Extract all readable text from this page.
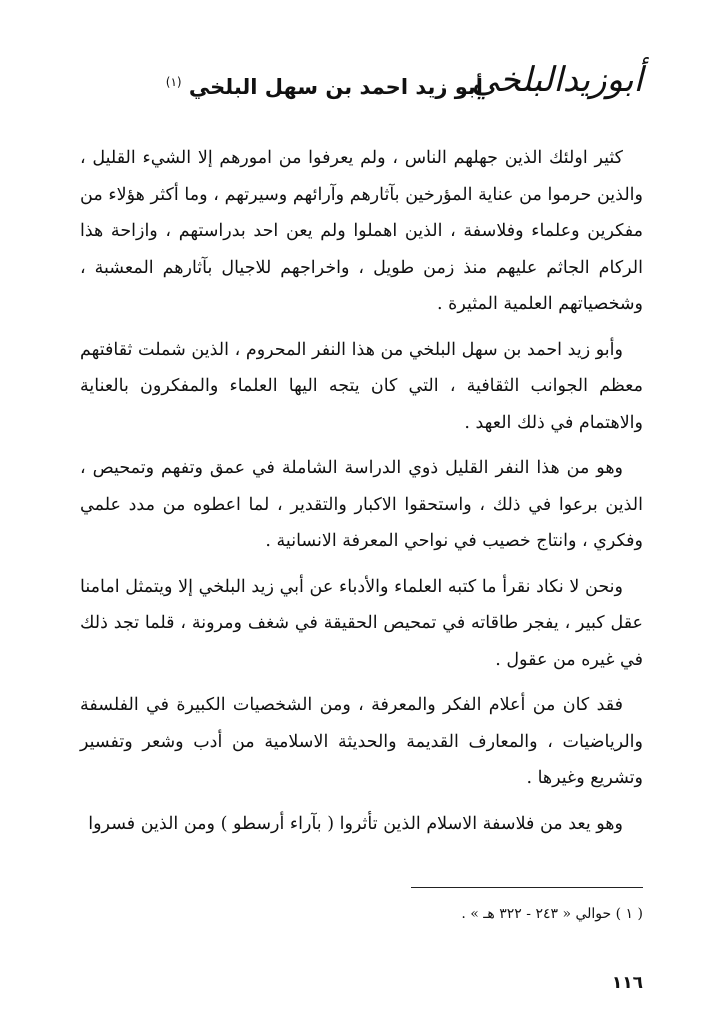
أبوزيدالبلخي
أبو زيد احمد بن سهل البلخي $^{(١)}$

كثير اولئك الذين جهلهم الناس ، ولم يعرفوا من امورهم إلا الشيء القليل ، والذين حرموا من عناية المؤرخين بآثارهم وآرائهم وسيرتهم ، وما أكثر هؤلاء من مفكرين وعلماء وفلاسفة ، الذين اهملوا ولم يعن احد بدراستهم ، وازاحة هذا الركام الجاثم عليهم منذ زمن طويل ، واخراجهم للاجيال بآثارهم المعشبة ، وشخصياتهم العلمية المثيرة .

وأبو زيد احمد بن سهل البلخي من هذا النفر المحروم ، الذين شملت ثقافتهم معظم الجوانب الثقافية ، التي كان يتجه اليها العلماء والمفكرون بالعناية والاهتمام في ذلك العهد .

وهو من هذا النفر القليل ذوي الدراسة الشاملة في عمق وتفهم وتمحيص ، الذين برعوا في ذلك ، واستحقوا الاكبار والتقدير ، لما اعطوه من مدد علمي وفكري ، وانتاج خصيب في نواحي المعرفة الانسانية .

ونحن لا نكاد نقرأ ما كتبه العلماء والأدباء عن أبي زيد البلخي إلا ويتمثل امامنا عقل كبير ، يفجر طاقاته في تمحيص الحقيقة في شغف ومرونة ، قلما تجد ذلك في غيره من عقول .

فقد كان من أعلام الفكر والمعرفة ، ومن الشخصيات الكبيرة في الفلسفة والرياضيات ، والمعارف القديمة والحديثة الاسلامية من أدب وشعر وتفسير وتشريع وغيرها .

وهو يعد من فلاسفة الاسلام الذين تأثروا ( بآراء أرسطو ) ومن الذين فسروا

( ١ ) حوالي « ٢٤٣ - ٣٢٢ هـ » .
١١٦
